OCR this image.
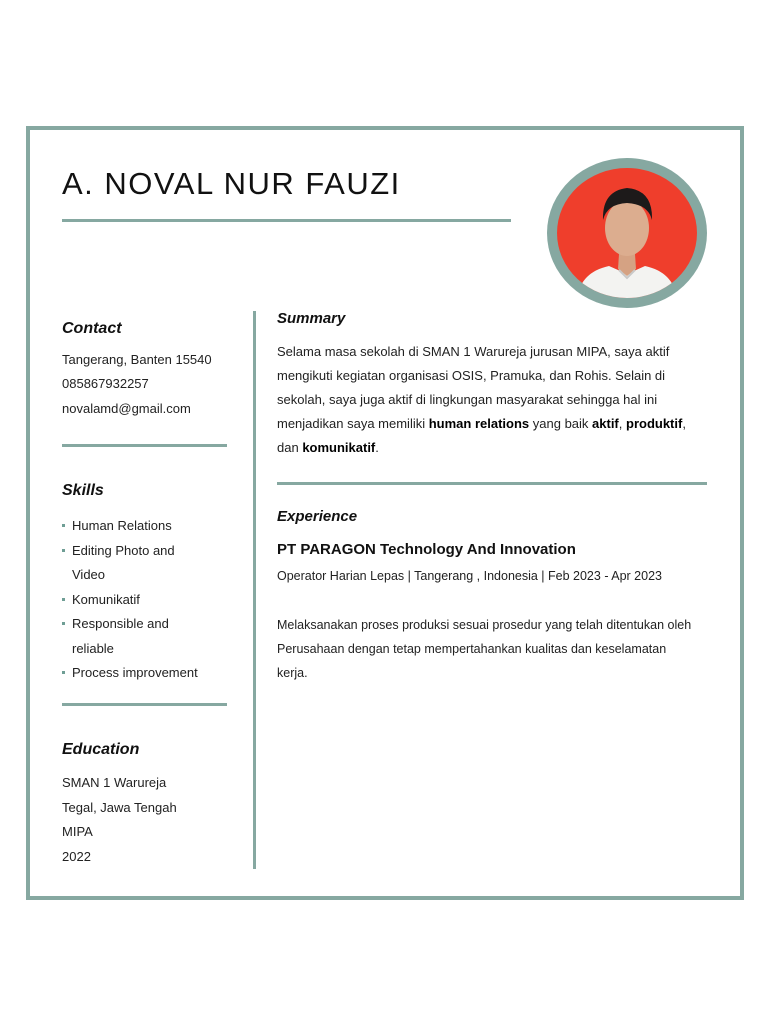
A. NOVAL NUR FAUZI
Contact
Tangerang, Banten 15540
085867932257
novalamd@gmail.com
Skills
Human Relations
Editing Photo and Video
Komunikatif
Responsible and reliable
Process improvement
Education
SMAN 1 Warureja
Tegal, Jawa Tengah
MIPA
2022
Summary
Selama masa sekolah di SMAN 1 Warureja jurusan MIPA, saya aktif mengikuti kegiatan organisasi OSIS, Pramuka, dan Rohis. Selain di sekolah, saya juga aktif di lingkungan masyarakat sehingga hal ini menjadikan saya memiliki human relations yang baik aktif, produktif, dan komunikatif.
Experience
PT PARAGON Technology And Innovation
Operator Harian Lepas | Tangerang , Indonesia | Feb 2023 - Apr 2023
Melaksanakan proses produksi sesuai prosedur yang telah ditentukan oleh Perusahaan dengan tetap mempertahankan kualitas dan keselamatan kerja.
